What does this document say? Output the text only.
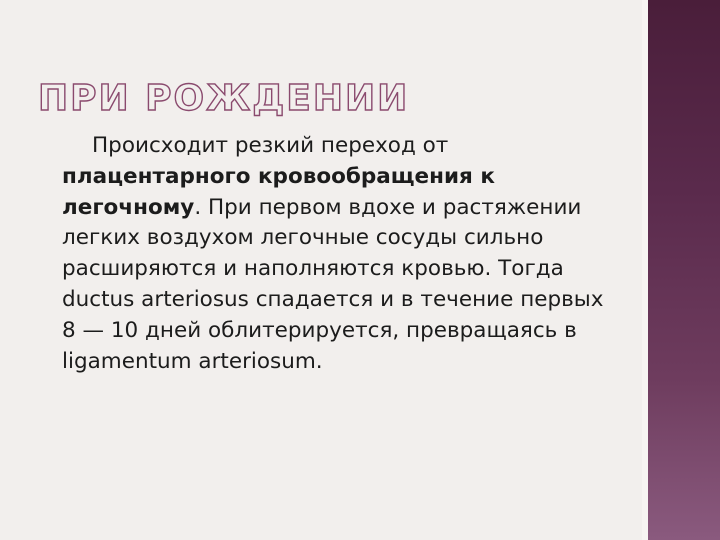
ПРИ РОЖДЕНИИ

Происходит резкий переход от плацентарного кровообращения к легочному. При первом вдохе и растяжении легких воздухом легочные сосуды сильно расширяются и наполняются кровью. Тогда ductus arteriosus спадается и в течение первых 8 — 10 дней облитерируется, превращаясь в ligamentum arteriosum.
